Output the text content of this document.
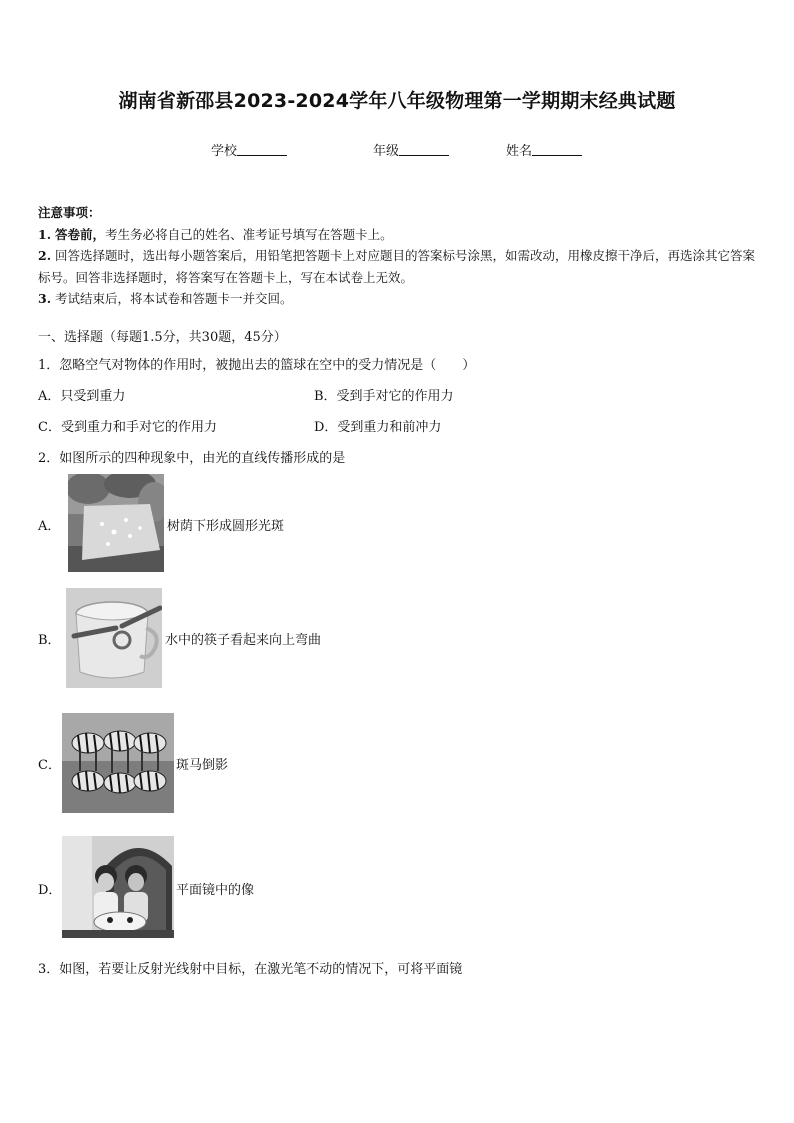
湖南省新邵县2023-2024学年八年级物理第一学期期末经典试题
学校	年级	姓名

注意事项：

1. 答卷前，考生务必将自己的姓名、准考证号填写在答题卡上。

2. 回答选择题时，选出每小题答案后，用铅笔把答题卡上对应题目的答案标号涂黑，如需改动，用橡皮擦干净后，再选涂其它答案标号。回答非选择题时，将答案写在答题卡上，写在本试卷上无效。

3. 考试结束后，将本试卷和答题卡一并交回。

一、选择题（每题1.5分，共30题，45分）
1．忽略空气对物体的作用时，被抛出去的篮球在空中的受力情况是（　　）
A．只受到重力	B．受到手对它的作用力
C．受到重力和手对它的作用力	D．受到重力和前冲力
2．如图所示的四种现象中，由光的直线传播形成的是
A．	树荫下形成圆形光斑
B．	水中的筷子看起来向上弯曲
C．	斑马倒影
D．	平面镜中的像
3．如图，若要让反射光线射中目标，在激光笔不动的情况下，可将平面镜
